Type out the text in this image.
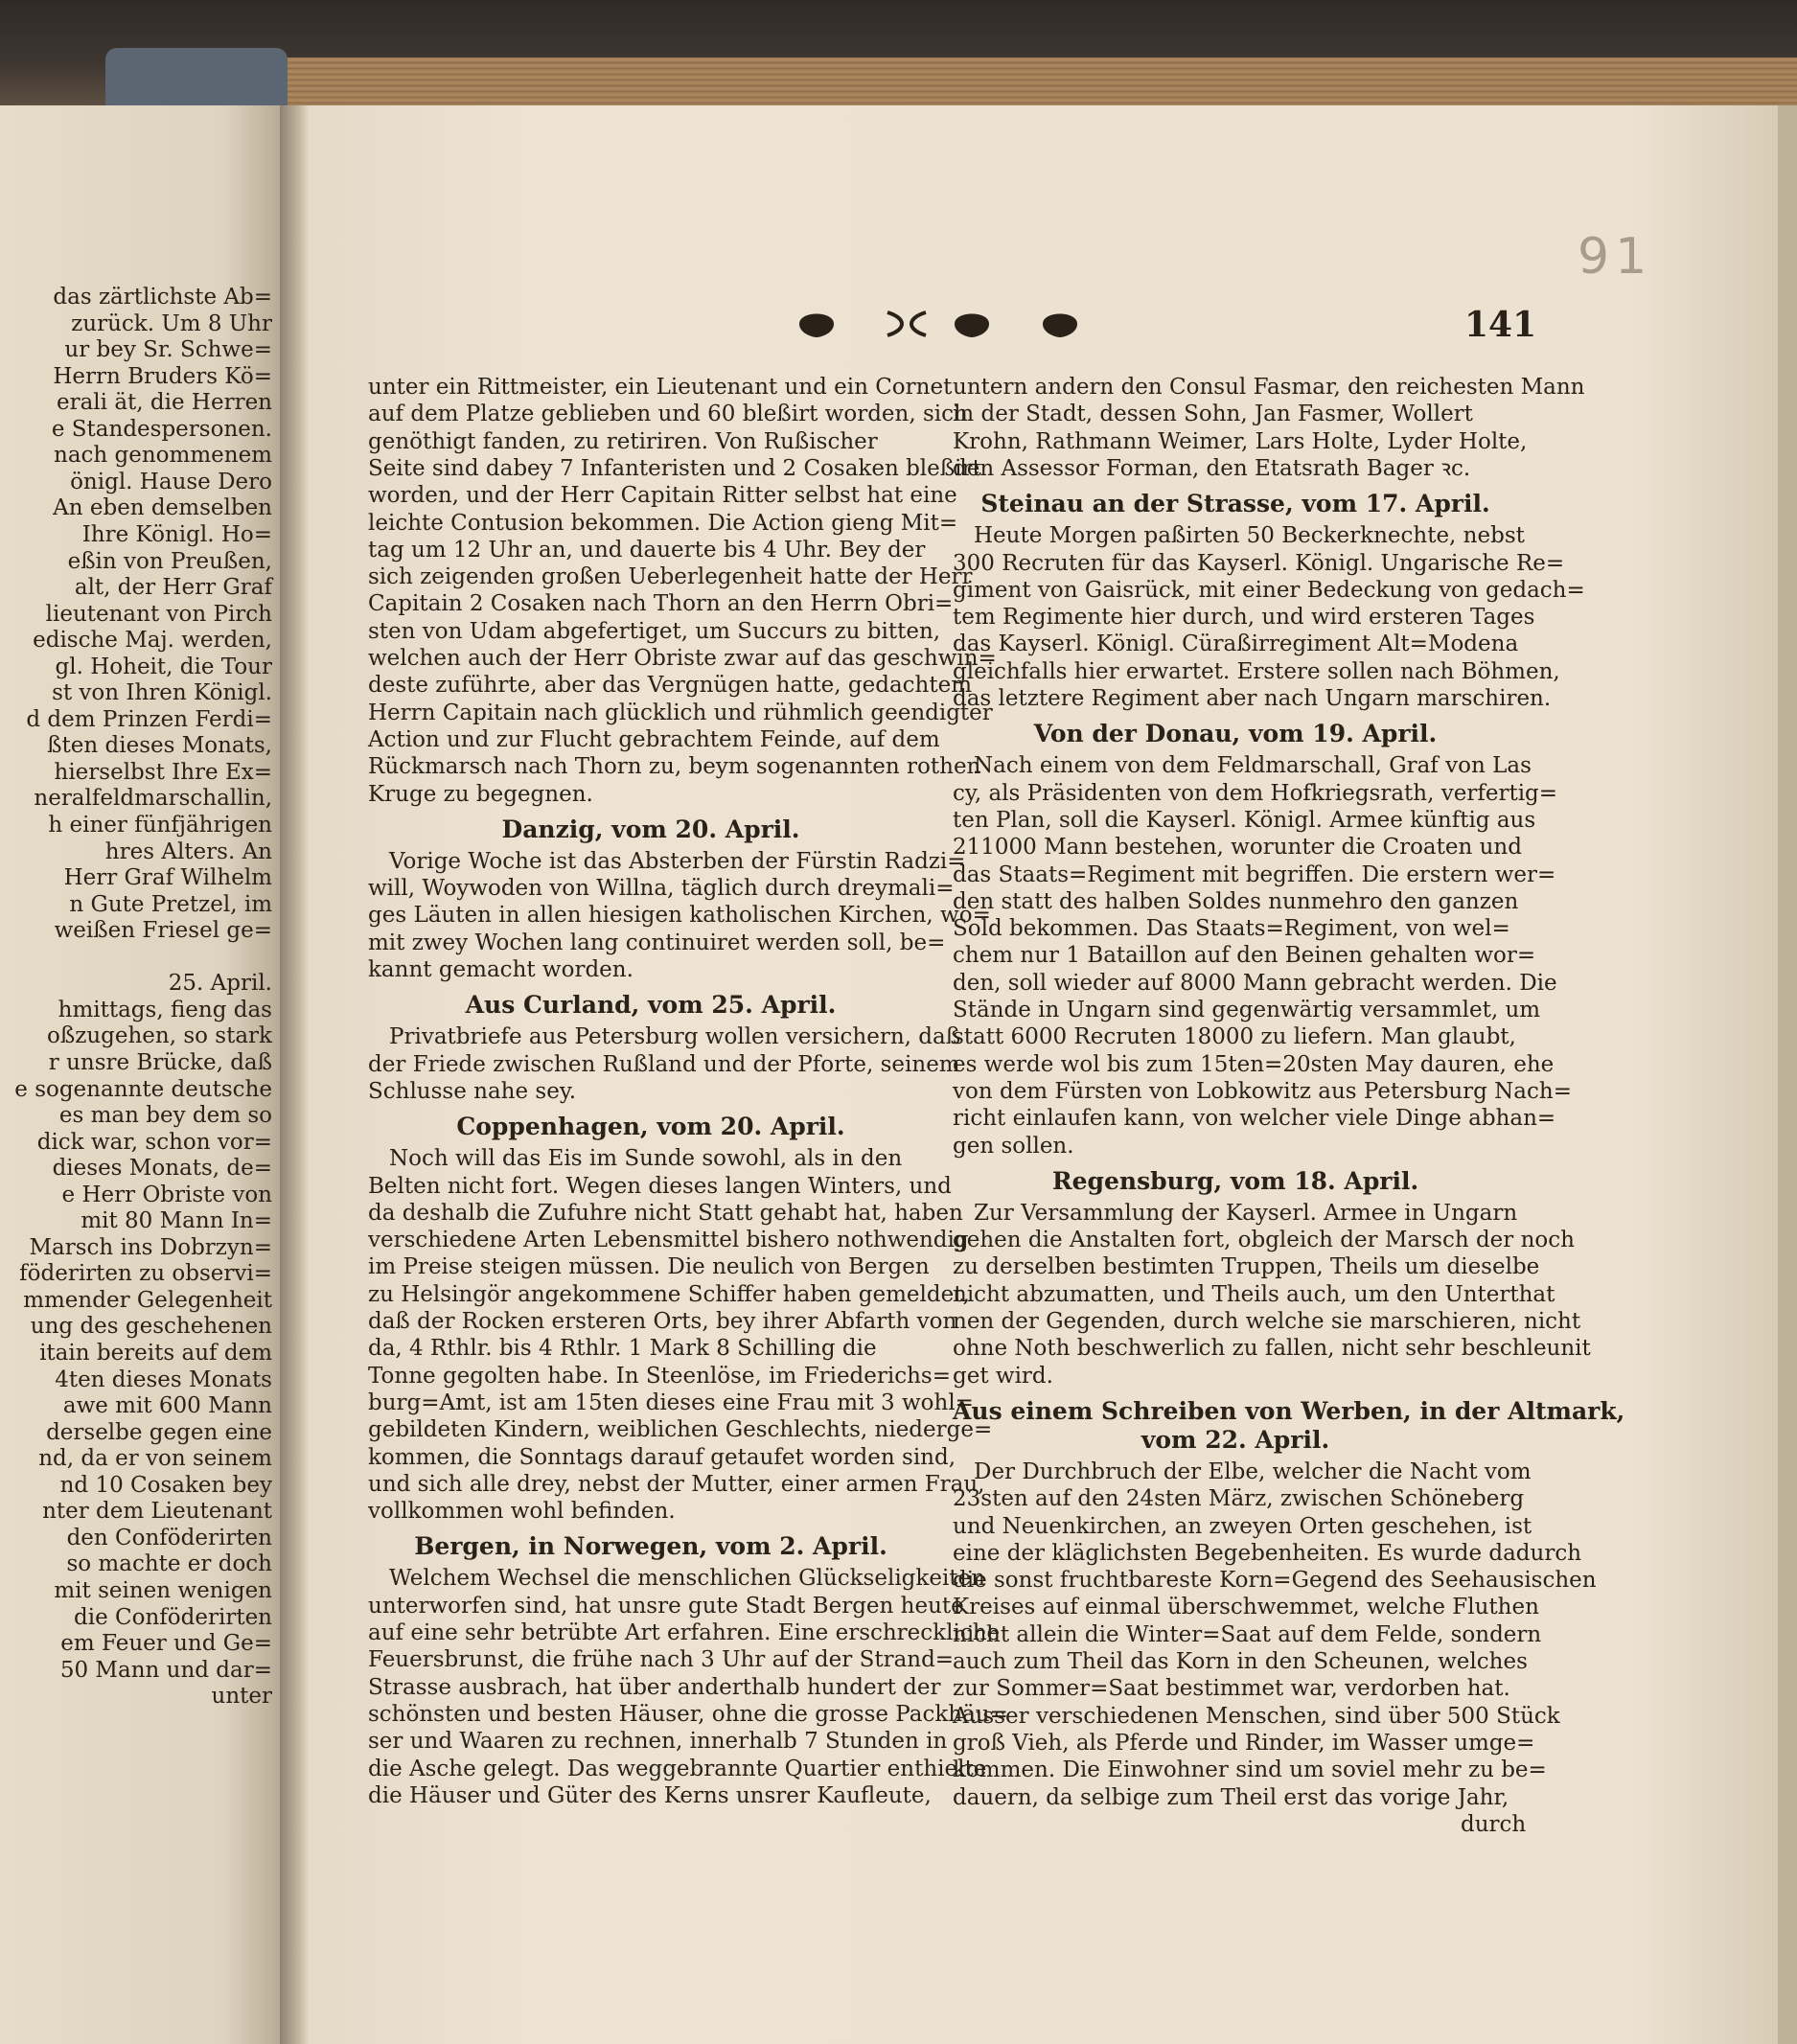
das zärtlichste Ab=
zurück. Um 8 Uhr
ur bey Sr. Schwe=
Herrn Bruders Kö=
erali ät, die Herren
e Standespersonen.
nach genommenem
önigl. Hause Dero
An eben demselben
Ihre Königl. Ho=
eßin von Preußen,
alt, der Herr Graf
lieutenant von Pirch
edische Maj. werden,
gl. Hoheit, die Tour
st von Ihren Königl.
d dem Prinzen Ferdi=
ßten dieses Monats,
hierselbst Ihre Ex=
neralfeldmarschallin,
h einer fünfjährigen
hres Alters. An
Herr Graf Wilhelm
n Gute Pretzel, im
weißen Friesel ge=
25. April.
hmittags, fieng das
oßzugehen, so stark
r unsre Brücke, daß
e sogenannte deutsche
es man bey dem so
dick war, schon vor=
dieses Monats, de=
e Herr Obriste von
mit 80 Mann In=
Marsch ins Dobrzyn=
föderirten zu observi=
mmender Gelegenheit
ung des geschehenen
itain bereits auf dem
4ten dieses Monats
awe mit 600 Mann
derselbe gegen eine
nd, da er von seinem
nd 10 Cosaken bey
nter dem Lieutenant
den Conföderirten
so machte er doch
mit seinen wenigen
die Conföderirten
em Feuer und Ge=
50 Mann und dar=
unter
91
141
unter ein Rittmeister, ein Lieutenant und ein Cornet
auf dem Platze geblieben und 60 bleßirt worden, sich
genöthigt fanden, zu retiriren. Von Rußischer
Seite sind dabey 7 Infanteristen und 2 Cosaken bleßirt
worden, und der Herr Capitain Ritter selbst hat eine
leichte Contusion bekommen. Die Action gieng Mit=
tag um 12 Uhr an, und dauerte bis 4 Uhr. Bey der
sich zeigenden großen Ueberlegenheit hatte der Herr
Capitain 2 Cosaken nach Thorn an den Herrn Obri=
sten von Udam abgefertiget, um Succurs zu bitten,
welchen auch der Herr Obriste zwar auf das geschwin=
deste zuführte, aber das Vergnügen hatte, gedachtem
Herrn Capitain nach glücklich und rühmlich geendigter
Action und zur Flucht gebrachtem Feinde, auf dem
Rückmarsch nach Thorn zu, beym sogenannten rothen
Kruge zu begegnen.
Danzig, vom 20. April.
Vorige Woche ist das Absterben der Fürstin Radzi=
will, Woywoden von Willna, täglich durch dreymali=
ges Läuten in allen hiesigen katholischen Kirchen, wo=
mit zwey Wochen lang continuiret werden soll, be=
kannt gemacht worden.
Aus Curland, vom 25. April.
Privatbriefe aus Petersburg wollen versichern, daß
der Friede zwischen Rußland und der Pforte, seinem
Schlusse nahe sey.
Coppenhagen, vom 20. April.
Noch will das Eis im Sunde sowohl, als in den
Belten nicht fort. Wegen dieses langen Winters, und
da deshalb die Zufuhre nicht Statt gehabt hat, haben
verschiedene Arten Lebensmittel bishero nothwendig
im Preise steigen müssen. Die neulich von Bergen
zu Helsingör angekommene Schiffer haben gemeldet,
daß der Rocken ersteren Orts, bey ihrer Abfarth von
da, 4 Rthlr. bis 4 Rthlr. 1 Mark 8 Schilling die
Tonne gegolten habe. In Steenlöse, im Friederichs=
burg=Amt, ist am 15ten dieses eine Frau mit 3 wohl=
gebildeten Kindern, weiblichen Geschlechts, niederge=
kommen, die Sonntags darauf getaufet worden sind,
und sich alle drey, nebst der Mutter, einer armen Frau,
vollkommen wohl befinden.
Bergen, in Norwegen, vom 2. April.
Welchem Wechsel die menschlichen Glückseligkeiten
unterworfen sind, hat unsre gute Stadt Bergen heute
auf eine sehr betrübte Art erfahren. Eine erschreckliche
Feuersbrunst, die frühe nach 3 Uhr auf der Strand=
Strasse ausbrach, hat über anderthalb hundert der
schönsten und besten Häuser, ohne die grosse Packhäu=
ser und Waaren zu rechnen, innerhalb 7 Stunden in
die Asche gelegt. Das weggebrannte Quartier enthielte
die Häuser und Güter des Kerns unsrer Kaufleute,
untern andern den Consul Fasmar, den reichesten Mann
in der Stadt, dessen Sohn, Jan Fasmer, Wollert
Krohn, Rathmann Weimer, Lars Holte, Lyder Holte,
den Assessor Forman, den Etatsrath Bager ꝛc.
Steinau an der Strasse, vom 17. April.
Heute Morgen paßirten 50 Beckerknechte, nebst
300 Recruten für das Kayserl. Königl. Ungarische Re=
giment von Gaisrück, mit einer Bedeckung von gedach=
tem Regimente hier durch, und wird ersteren Tages
das Kayserl. Königl. Cüraßirregiment Alt=Modena
gleichfalls hier erwartet. Erstere sollen nach Böhmen,
das letztere Regiment aber nach Ungarn marschiren.
Von der Donau, vom 19. April.
Nach einem von dem Feldmarschall, Graf von Las
cy, als Präsidenten von dem Hofkriegsrath, verfertig=
ten Plan, soll die Kayserl. Königl. Armee künftig aus
211000 Mann bestehen, worunter die Croaten und
das Staats=Regiment mit begriffen. Die erstern wer=
den statt des halben Soldes nunmehro den ganzen
Sold bekommen. Das Staats=Regiment, von wel=
chem nur 1 Bataillon auf den Beinen gehalten wor=
den, soll wieder auf 8000 Mann gebracht werden. Die
Stände in Ungarn sind gegenwärtig versammlet, um
statt 6000 Recruten 18000 zu liefern. Man glaubt,
es werde wol bis zum 15ten=20sten May dauren, ehe
von dem Fürsten von Lobkowitz aus Petersburg Nach=
richt einlaufen kann, von welcher viele Dinge abhan=
gen sollen.
Regensburg, vom 18. April.
Zur Versammlung der Kayserl. Armee in Ungarn
gehen die Anstalten fort, obgleich der Marsch der noch
zu derselben bestimten Truppen, Theils um dieselbe
nicht abzumatten, und Theils auch, um den Unterthat
nen der Gegenden, durch welche sie marschieren, nicht
ohne Noth beschwerlich zu fallen, nicht sehr beschleunit
get wird.
Aus einem Schreiben von Werben, in der Altmark,
vom 22. April.
Der Durchbruch der Elbe, welcher die Nacht vom
23sten auf den 24sten März, zwischen Schöneberg
und Neuenkirchen, an zweyen Orten geschehen, ist
eine der kläglichsten Begebenheiten. Es wurde dadurch
die sonst fruchtbareste Korn=Gegend des Seehausischen
Kreises auf einmal überschwemmet, welche Fluthen
nicht allein die Winter=Saat auf dem Felde, sondern
auch zum Theil das Korn in den Scheunen, welches
zur Sommer=Saat bestimmet war, verdorben hat.
Ausser verschiedenen Menschen, sind über 500 Stück
groß Vieh, als Pferde und Rinder, im Wasser umge=
kommen. Die Einwohner sind um soviel mehr zu be=
dauern, da selbige zum Theil erst das vorige Jahr,
durch
